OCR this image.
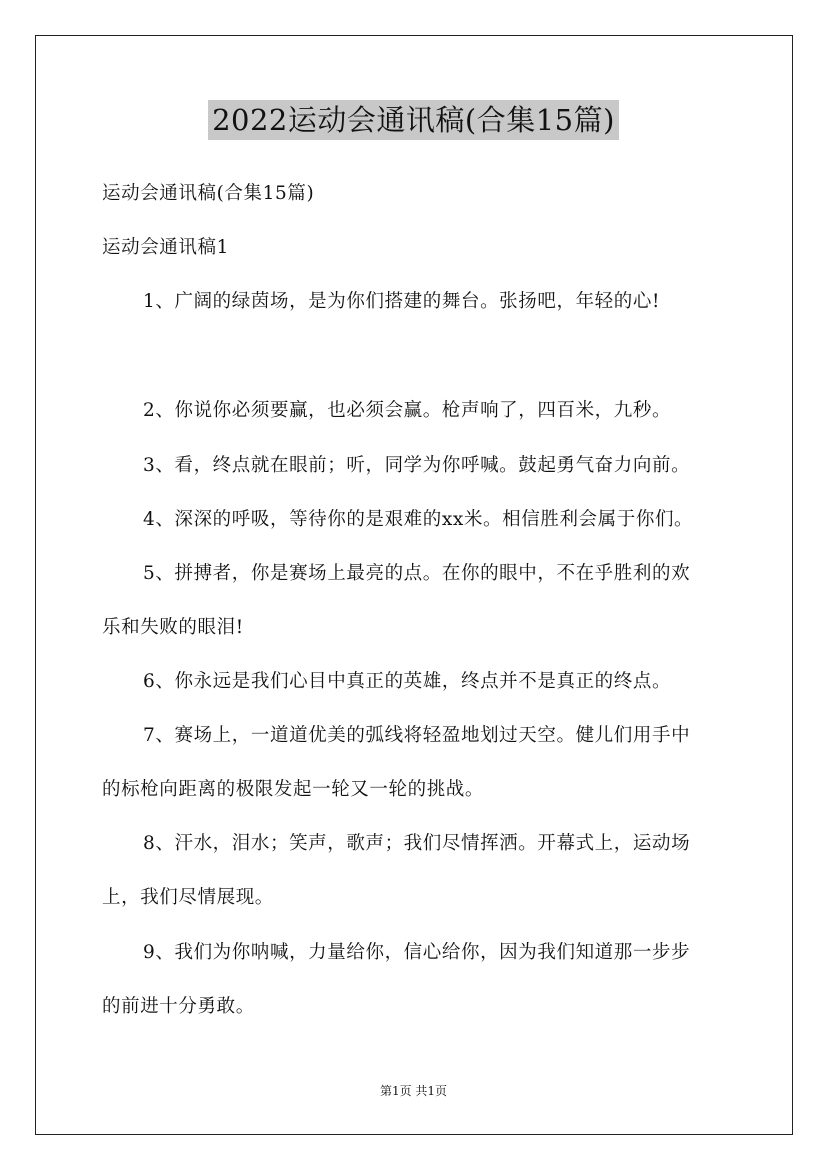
2022运动会通讯稿(合集15篇)
运动会通讯稿(合集15篇)
运动会通讯稿1
1、广阔的绿茵场，是为你们搭建的舞台。张扬吧，年轻的心!
2、你说你必须要赢，也必须会赢。枪声响了，四百米，九秒。
3、看，终点就在眼前；听，同学为你呼喊。鼓起勇气奋力向前。
4、深深的呼吸，等待你的是艰难的xx米。相信胜利会属于你们。
5、拼搏者，你是赛场上最亮的点。在你的眼中，不在乎胜利的欢
乐和失败的眼泪!
6、你永远是我们心目中真正的英雄，终点并不是真正的终点。
7、赛场上，一道道优美的弧线将轻盈地划过天空。健儿们用手中
的标枪向距离的极限发起一轮又一轮的挑战。
8、汗水，泪水；笑声，歌声；我们尽情挥洒。开幕式上，运动场
上，我们尽情展现。
9、我们为你呐喊，力量给你，信心给你，因为我们知道那一步步
的前进十分勇敢。
第1页 共1页
